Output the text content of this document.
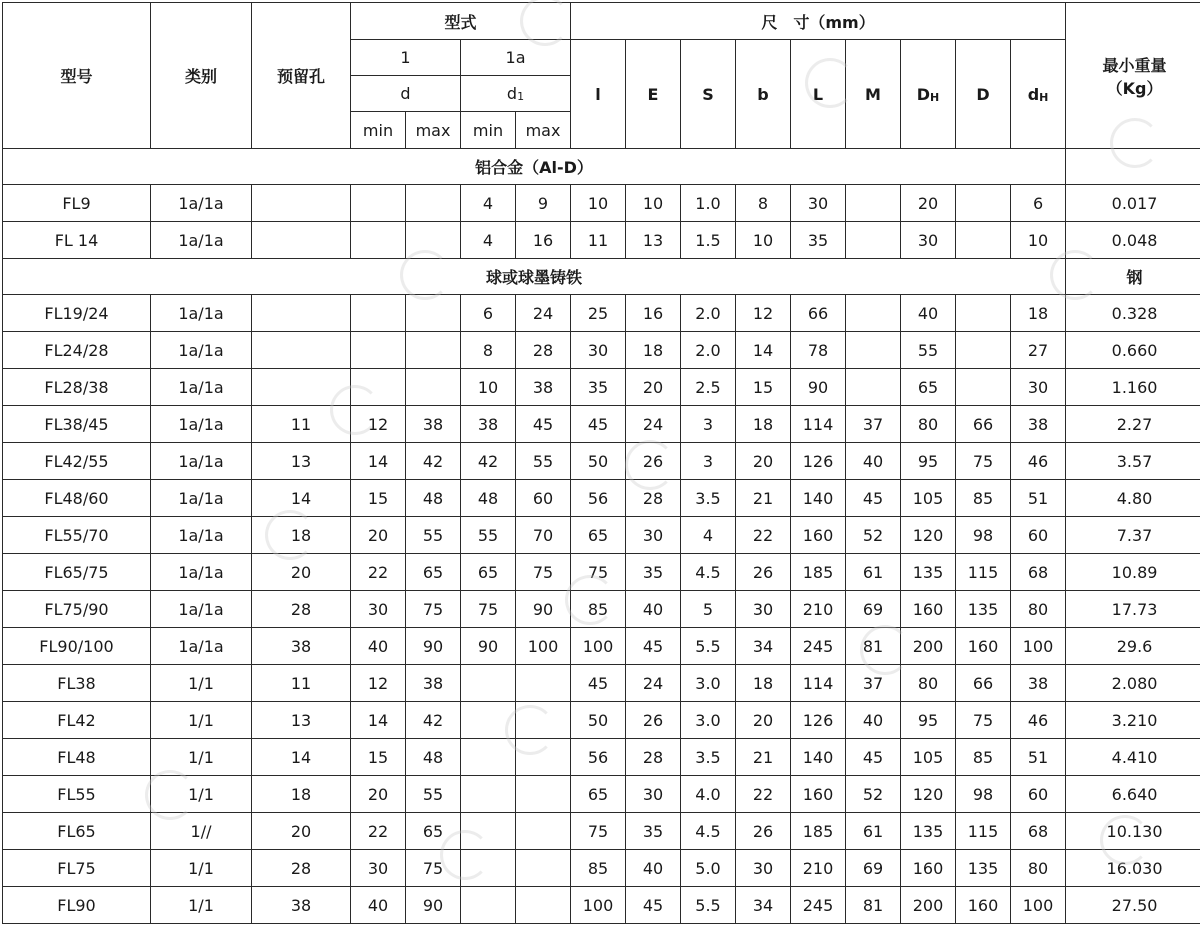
型号	类别	预留孔	型式				尺　寸（mm）									最小重量
（Kg）

			1		1a		l	E	S	b	L	M	DH	D	dH	
			d		d1											
			min	max	min	max										
铝合金（Al-D）																
FL9	1a/1a				4	9	10	10	1.0	8	30		20		6	0.017
FL 14	1a/1a				4	16	11	13	1.5	10	35		30		10	0.048
球或球墨铸铁																钢
FL19/24	1a/1a				6	24	25	16	2.0	12	66		40		18	0.328
FL24/28	1a/1a				8	28	30	18	2.0	14	78		55		27	0.660
FL28/38	1a/1a				10	38	35	20	2.5	15	90		65		30	1.160
FL38/45	1a/1a	11	12	38	38	45	45	24	3	18	114	37	80	66	38	2.27
FL42/55	1a/1a	13	14	42	42	55	50	26	3	20	126	40	95	75	46	3.57
FL48/60	1a/1a	14	15	48	48	60	56	28	3.5	21	140	45	105	85	51	4.80
FL55/70	1a/1a	18	20	55	55	70	65	30	4	22	160	52	120	98	60	7.37
FL65/75	1a/1a	20	22	65	65	75	75	35	4.5	26	185	61	135	115	68	10.89
FL75/90	1a/1a	28	30	75	75	90	85	40	5	30	210	69	160	135	80	17.73
FL90/100	1a/1a	38	40	90	90	100	100	45	5.5	34	245	81	200	160	100	29.6
FL38	1/1	11	12	38			45	24	3.0	18	114	37	80	66	38	2.080
FL42	1/1	13	14	42			50	26	3.0	20	126	40	95	75	46	3.210
FL48	1/1	14	15	48			56	28	3.5	21	140	45	105	85	51	4.410
FL55	1/1	18	20	55			65	30	4.0	22	160	52	120	98	60	6.640
FL65	1//	20	22	65			75	35	4.5	26	185	61	135	115	68	10.130
FL75	1/1	28	30	75			85	40	5.0	30	210	69	160	135	80	16.030
FL90	1/1	38	40	90			100	45	5.5	34	245	81	200	160	100	27.50
